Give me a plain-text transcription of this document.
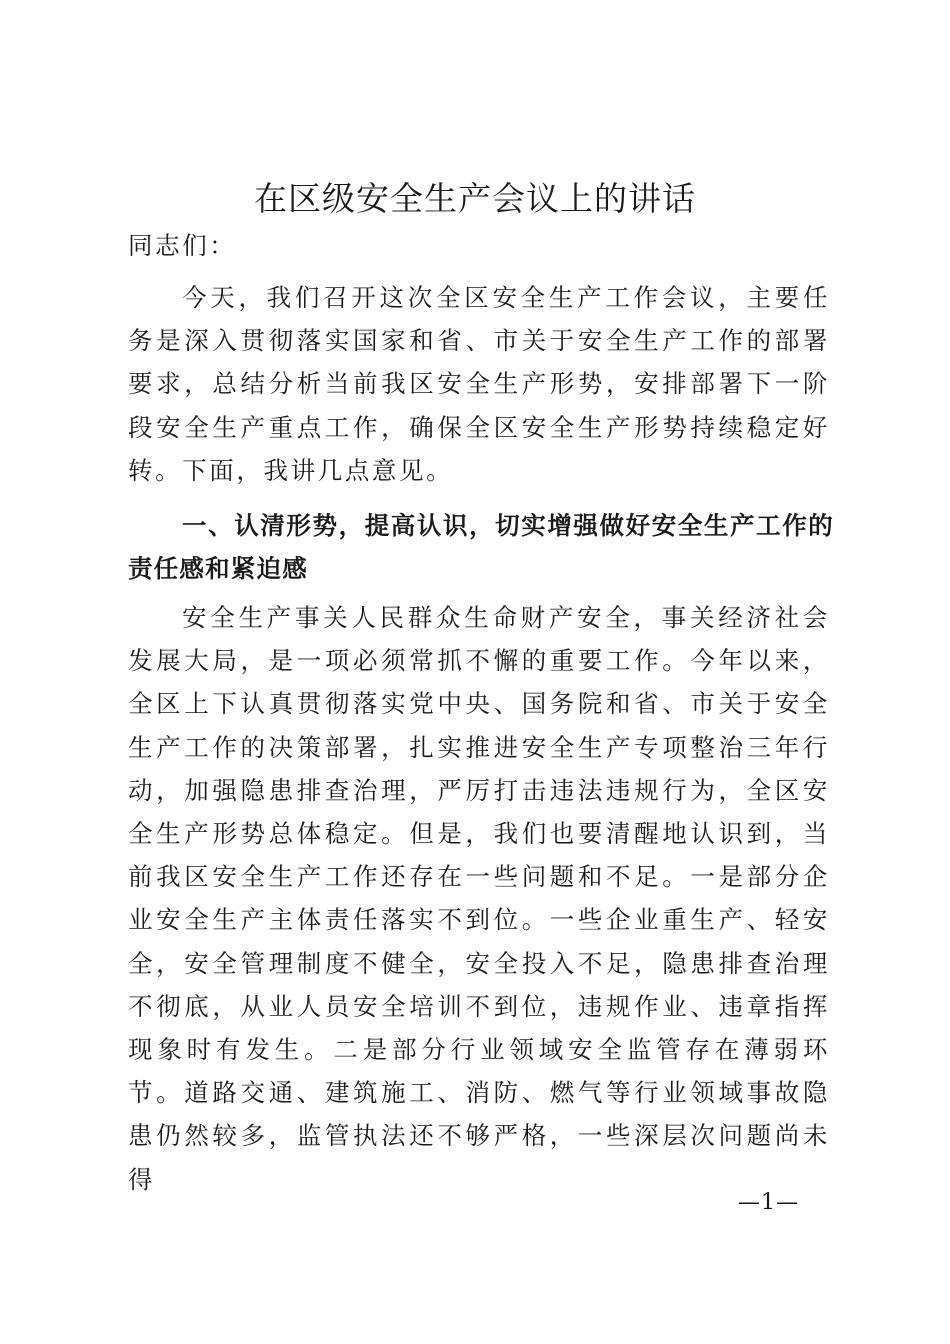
在区级安全生产会议上的讲话
同志们：
今天，我们召开这次全区安全生产工作会议，主要任务是深入贯彻落实国家和省、市关于安全生产工作的部署要求，总结分析当前我区安全生产形势，安排部署下一阶段安全生产重点工作，确保全区安全生产形势持续稳定好转。下面，我讲几点意见。
一、认清形势，提高认识，切实增强做好安全生产工作的责任感和紧迫感
安全生产事关人民群众生命财产安全，事关经济社会发展大局，是一项必须常抓不懈的重要工作。今年以来，全区上下认真贯彻落实党中央、国务院和省、市关于安全生产工作的决策部署，扎实推进安全生产专项整治三年行动，加强隐患排查治理，严厉打击违法违规行为，全区安全生产形势总体稳定。但是，我们也要清醒地认识到，当前我区安全生产工作还存在一些问题和不足。一是部分企业安全生产主体责任落实不到位。一些企业重生产、轻安全，安全管理制度不健全，安全投入不足，隐患排查治理不彻底，从业人员安全培训不到位，违规作业、违章指挥现象时有发生。二是部分行业领域安全监管存在薄弱环节。道路交通、建筑施工、消防、燃气等行业领域事故隐患仍然较多，监管执法还不够严格，一些深层次问题尚未得
—1—
